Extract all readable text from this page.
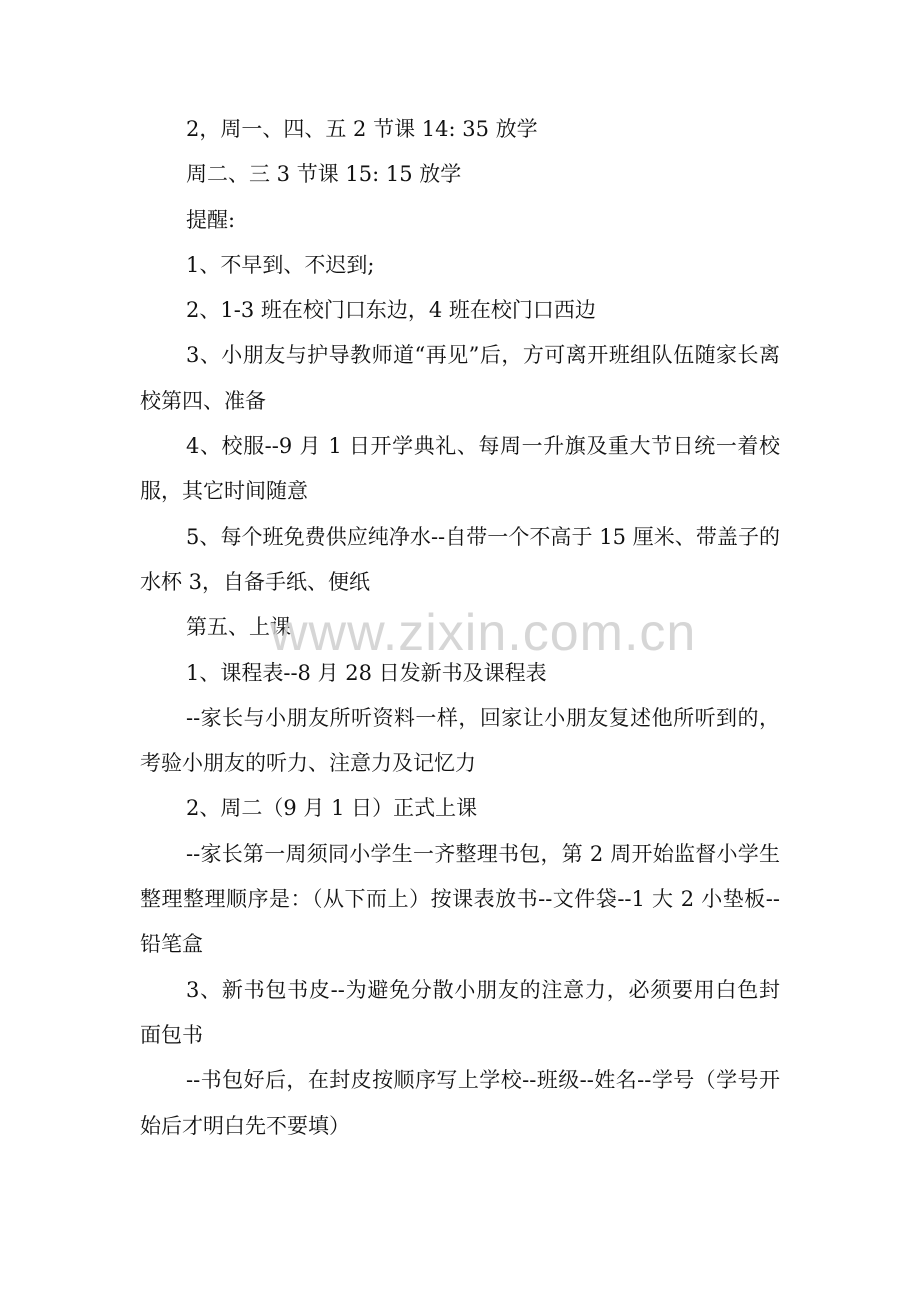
2，周一、四、五 2 节课 14: 35 放学

周二、三 3 节课 15: 15 放学

提醒:

1、不早到、不迟到;

2、1-3 班在校门口东边，4 班在校门口西边

3、小朋友与护导教师道“再见”后，方可离开班组队伍随家长离校第四、准备

4、校服--9 月 1 日开学典礼、每周一升旗及重大节日统一着校服，其它时间随意

5、每个班免费供应纯净水--自带一个不高于 15 厘米、带盖子的水杯 3，自备手纸、便纸

第五、上课

1、课程表--8 月 28 日发新书及课程表

--家长与小朋友所听资料一样，回家让小朋友复述他所听到的，考验小朋友的听力、注意力及记忆力

2、周二（9 月 1 日）正式上课

--家长第一周须同小学生一齐整理书包，第 2 周开始监督小学生整理整理顺序是：（从下而上）按课表放书--文件袋--1 大 2 小垫板--铅笔盒

3、新书包书皮--为避免分散小朋友的注意力，必须要用白色封面包书

--书包好后，在封皮按顺序写上学校--班级--姓名--学号（学号开始后才明白先不要填）

www.zixin.com.cn
